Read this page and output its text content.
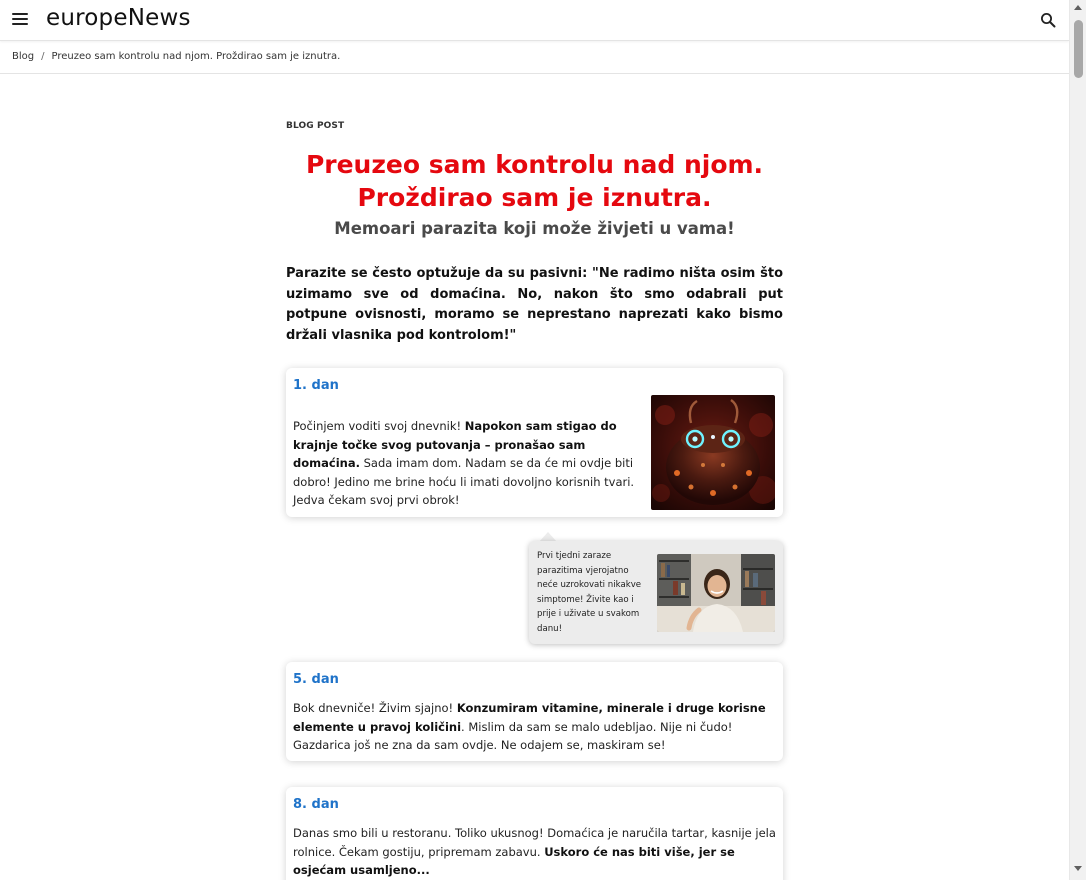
europeNews
Blog / Preuzeo sam kontrolu nad njom. Proždirao sam je iznutra.
BLOG POST
Preuzeo sam kontrolu nad njom.
Proždirao sam je iznutra.
Memoari parazita koji može živjeti u vama!

Parazite se često optužuje da su pasivni: "Ne radimo ništa osim što uzimamo sve od domaćina. No, nakon što smo odabrali put potpune ovisnosti, moramo se neprestano naprezati kako bismo držali vlasnika pod kontrolom!"

1. dan

Počinjem voditi svoj dnevnik! Napokon sam stigao do krajnje točke svog putovanja – pronašao sam domaćina. Sada imam dom. Nadam se da će mi ovdje biti dobro! Jedino me brine hoću li imati dovoljno korisnih tvari. Jedva čekam svoj prvi obrok!

Prvi tjedni zaraze parazitima vjerojatno neće uzrokovati nikakve simptome! Živite kao i prije i uživate u svakom danu!

5. dan

Bok dnevniče! Živim sjajno! Konzumiram vitamine, minerale i druge korisne elemente u pravoj količini. Mislim da sam se malo udebljao. Nije ni čudo! Gazdarica još ne zna da sam ovdje. Ne odajem se, maskiram se!

8. dan

Danas smo bili u restoranu. Toliko ukusnog! Domaćica je naručila tartar, kasnije jela rolnice. Čekam gostiju, pripremam zabavu. Uskoro će nas biti više, jer se osjećam usamljeno...
